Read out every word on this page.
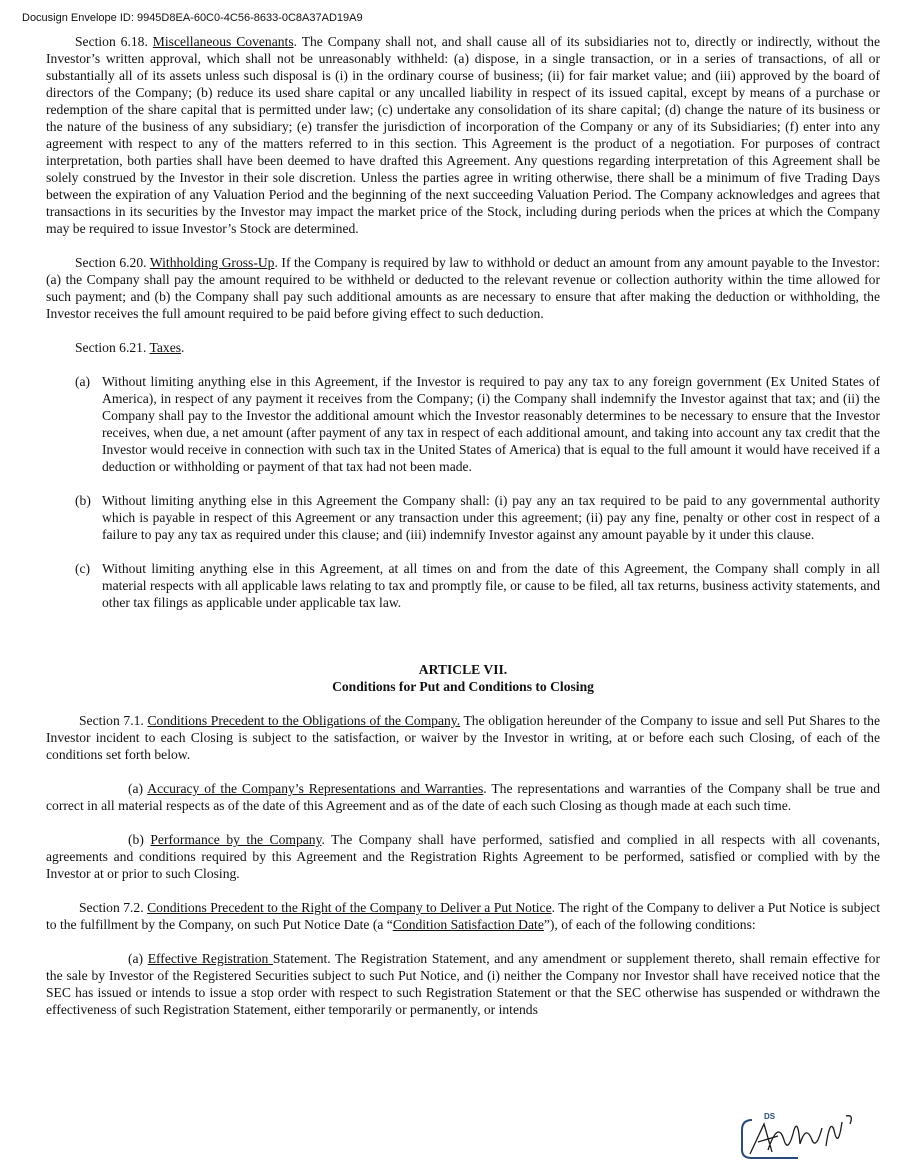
Docusign Envelope ID: 9945D8EA-60C0-4C56-8633-0C8A37AD19A9

Section 6.18. Miscellaneous Covenants. The Company shall not, and shall cause all of its subsidiaries not to, directly or indirectly, without the Investor’s written approval, which shall not be unreasonably withheld: (a) dispose, in a single transaction, or in a series of transactions, of all or substantially all of its assets unless such disposal is (i) in the ordinary course of business; (ii) for fair market value; and (iii) approved by the board of directors of the Company; (b) reduce its used share capital or any uncalled liability in respect of its issued capital, except by means of a purchase or redemption of the share capital that is permitted under law; (c) undertake any consolidation of its share capital; (d) change the nature of its business or the nature of the business of any subsidiary; (e) transfer the jurisdiction of incorporation of the Company or any of its Subsidiaries; (f) enter into any agreement with respect to any of the matters referred to in this section. This Agreement is the product of a negotiation. For purposes of contract interpretation, both parties shall have been deemed to have drafted this Agreement. Any questions regarding interpretation of this Agreement shall be solely construed by the Investor in their sole discretion. Unless the parties agree in writing otherwise, there shall be a minimum of five Trading Days between the expiration of any Valuation Period and the beginning of the next succeeding Valuation Period. The Company acknowledges and agrees that transactions in its securities by the Investor may impact the market price of the Stock, including during periods when the prices at which the Company may be required to issue Investor’s Stock are determined.

Section 6.20. Withholding Gross-Up. If the Company is required by law to withhold or deduct an amount from any amount payable to the Investor: (a) the Company shall pay the amount required to be withheld or deducted to the relevant revenue or collection authority within the time allowed for such payment; and (b) the Company shall pay such additional amounts as are necessary to ensure that after making the deduction or withholding, the Investor receives the full amount required to be paid before giving effect to such deduction.

Section 6.21. Taxes.

(a) Without limiting anything else in this Agreement, if the Investor is required to pay any tax to any foreign government (Ex United States of America), in respect of any payment it receives from the Company; (i) the Company shall indemnify the Investor against that tax; and (ii) the Company shall pay to the Investor the additional amount which the Investor reasonably determines to be necessary to ensure that the Investor receives, when due, a net amount (after payment of any tax in respect of each additional amount, and taking into account any tax credit that the Investor would receive in connection with such tax in the United States of America) that is equal to the full amount it would have received if a deduction or withholding or payment of that tax had not been made.
(b) Without limiting anything else in this Agreement the Company shall: (i) pay any an tax required to be paid to any governmental authority which is payable in respect of this Agreement or any transaction under this agreement; (ii) pay any fine, penalty or other cost in respect of a failure to pay any tax as required under this clause; and (iii) indemnify Investor against any amount payable by it under this clause.
(c) Without limiting anything else in this Agreement, at all times on and from the date of this Agreement, the Company shall comply in all material respects with all applicable laws relating to tax and promptly file, or cause to be filed, all tax returns, business activity statements, and other tax filings as applicable under applicable tax law.
ARTICLE VII.
Conditions for Put and Conditions to Closing

Section 7.1. Conditions Precedent to the Obligations of the Company. The obligation hereunder of the Company to issue and sell Put Shares to the Investor incident to each Closing is subject to the satisfaction, or waiver by the Investor in writing, at or before each such Closing, of each of the conditions set forth below.

(a) Accuracy of the Company’s Representations and Warranties. The representations and warranties of the Company shall be true and correct in all material respects as of the date of this Agreement and as of the date of each such Closing as though made at each such time.

(b) Performance by the Company. The Company shall have performed, satisfied and complied in all respects with all covenants, agreements and conditions required by this Agreement and the Registration Rights Agreement to be performed, satisfied or complied with by the Investor at or prior to such Closing.

Section 7.2. Conditions Precedent to the Right of the Company to Deliver a Put Notice. The right of the Company to deliver a Put Notice is subject to the fulfillment by the Company, on such Put Notice Date (a “Condition Satisfaction Date”), of each of the following conditions:

(a) Effective Registration Statement. The Registration Statement, and any amendment or supplement thereto, shall remain effective for the sale by Investor of the Registered Securities subject to such Put Notice, and (i) neither the Company nor Investor shall have received notice that the SEC has issued or intends to issue a stop order with respect to such Registration Statement or that the SEC otherwise has suspended or withdrawn the effectiveness of such Registration Statement, either temporarily or permanently, or intends

DS
